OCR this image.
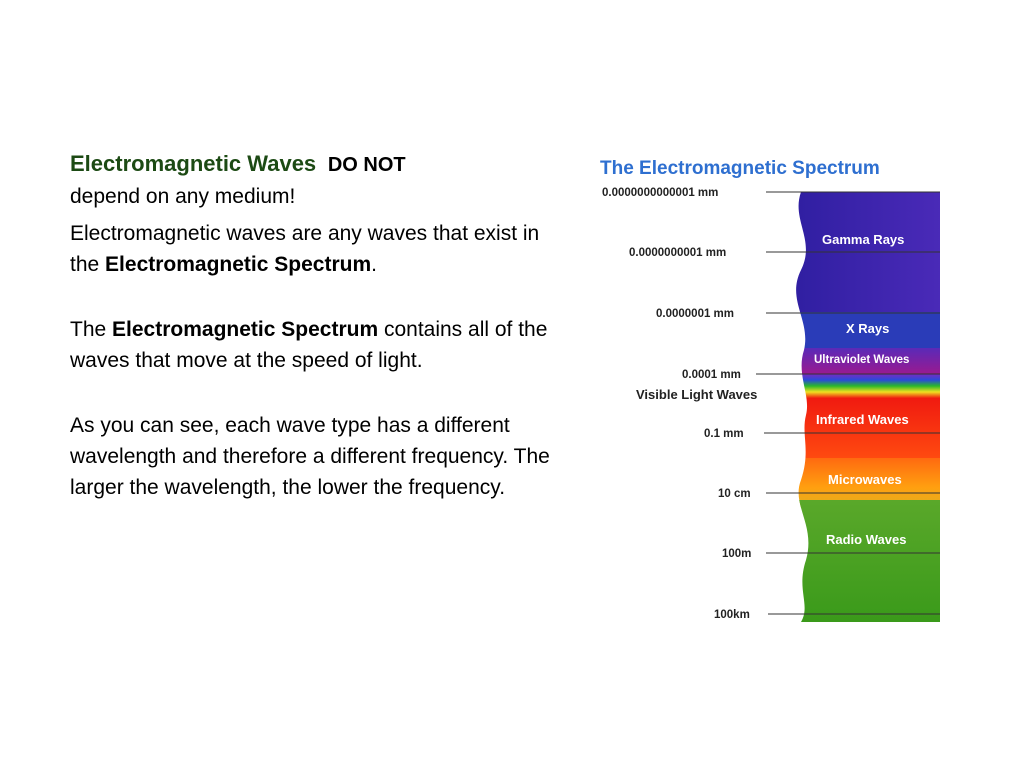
Electromagnetic Waves DO NOT
depend on any medium!

Electromagnetic waves are any waves that exist in the Electromagnetic Spectrum.

The Electromagnetic Spectrum contains all of the waves that move at the speed of light.

As you can see, each wave type has a different wavelength and therefore a different frequency. The larger the wavelength, the lower the frequency.

The Electromagnetic Spectrum
0.0000000000001 mm
0.0000000001 mm
0.0000001 mm
0.0001 mm
Visible Light Waves
0.1 mm
10 cm
100m
100km
Gamma Rays
X Rays
Ultraviolet Waves
Infrared Waves
Microwaves
Radio Waves
